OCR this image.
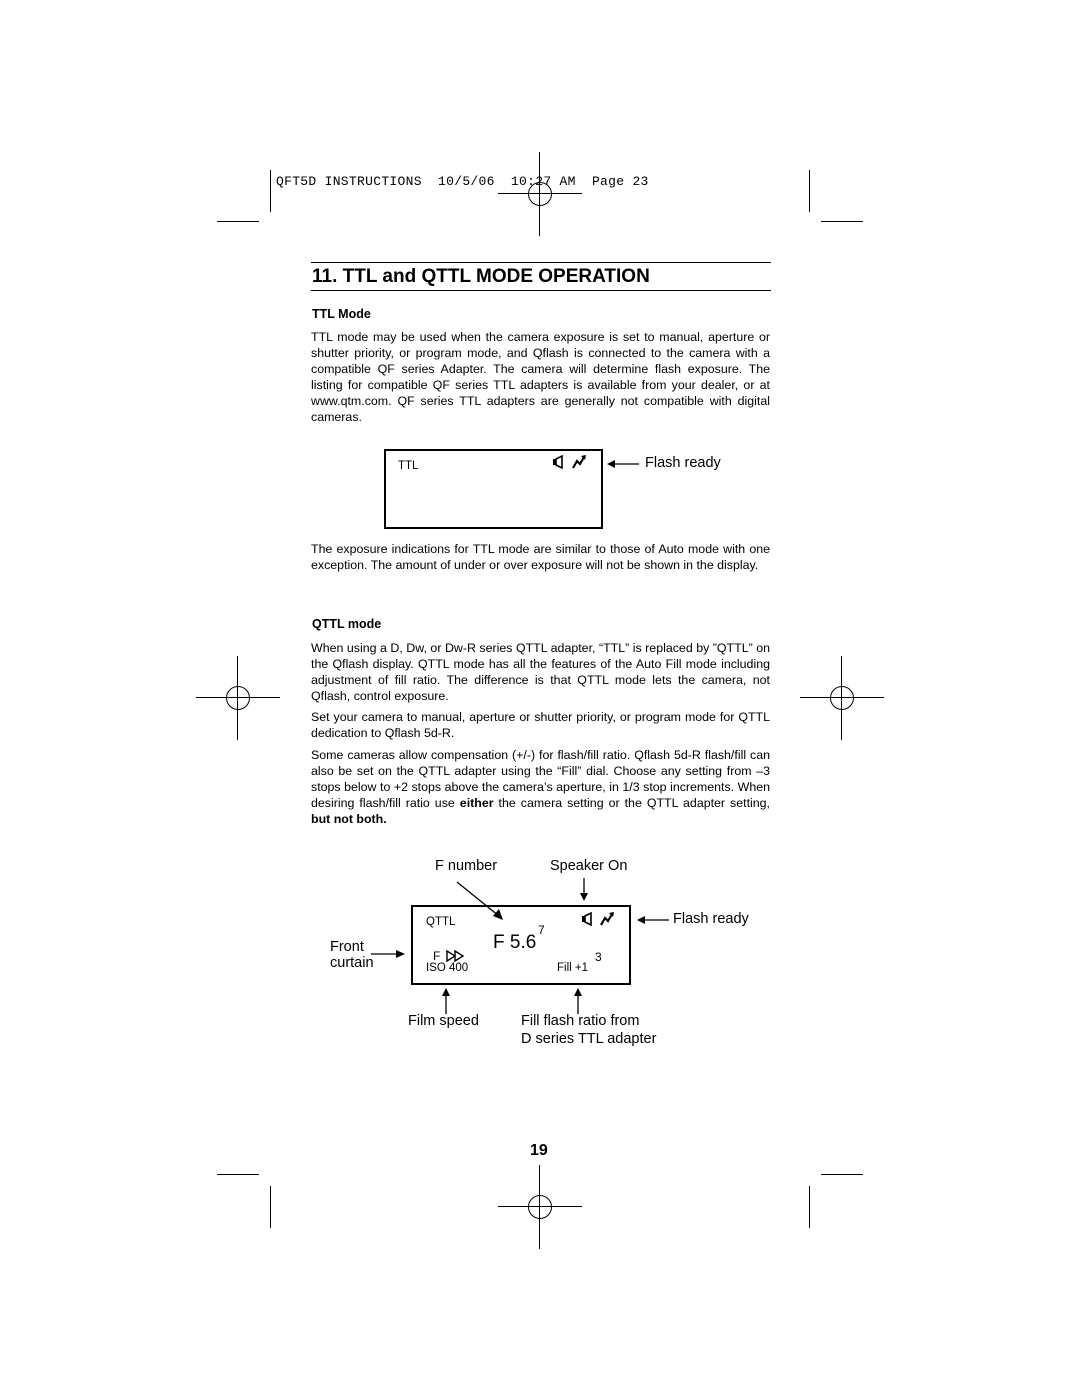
QFT5D INSTRUCTIONS  10/5/06  10:27 AM  Page 23
11. TTL and QTTL MODE OPERATION
TTL Mode
TTL mode may be used when the camera exposure is set to manual, aperture or shutter priority, or program mode, and Qflash is connected to the camera with a compatible QF series Adapter. The camera will determine flash exposure. The listing for compatible QF series TTL adapters is available from your dealer, or at www.qtm.com. QF series TTL adapters are generally not compatible with digital cameras.
TTL	Flash ready
The exposure indications for TTL mode are similar to those of Auto mode with one exception. The amount of under or over exposure will not be shown in the display.
QTTL mode
When using a D, Dw, or Dw-R series QTTL adapter, “TTL” is replaced by ”QTTL” on the Qflash display. QTTL mode has all the features of the Auto Fill mode including adjustment of fill ratio. The difference is that QTTL mode lets the camera, not Qflash, control exposure.
Set your camera to manual, aperture or shutter priority, or program mode for QTTL dedication to Qflash 5d-R.
Some cameras allow compensation (+/-) for flash/fill ratio. Qflash 5d-R flash/fill can also be set on the QTTL adapter using the “Fill” dial. Choose any setting from –3 stops below to +2 stops above the camera’s aperture, in 1/3 stop increments. When desiring flash/fill ratio use either the camera setting or the QTTL adapter setting, but not both.
F number	Speaker On
QTTL
F 5.6
7
F
ISO 400	Fill +1
3
Flash ready
Front
curtain
Film speed	Fill flash ratio from
D series TTL adapter
19
